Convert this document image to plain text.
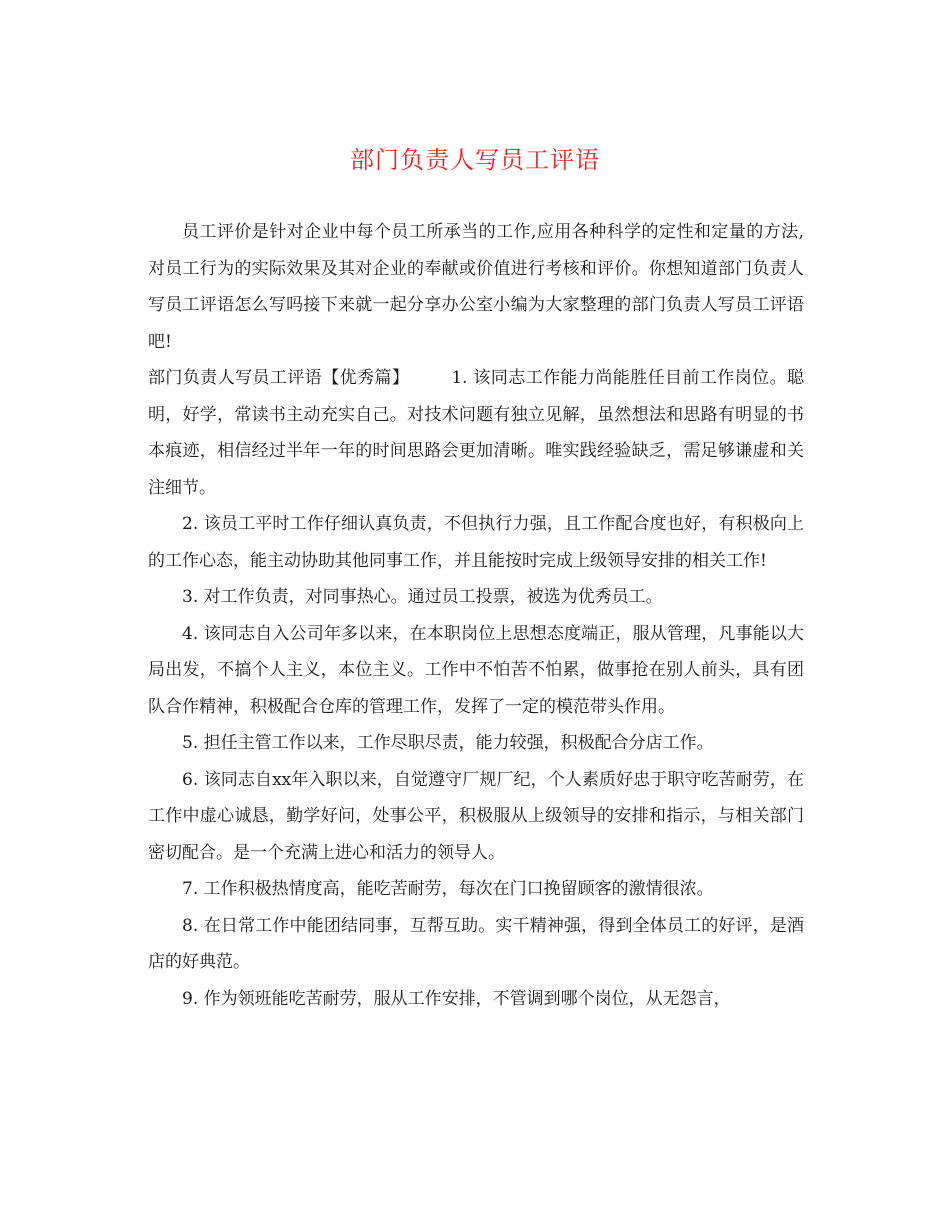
部门负责人写员工评语

员工评价是针对企业中每个员工所承当的工作,应用各种科学的定性和定量的方法,对员工行为的实际效果及其对企业的奉献或价值进行考核和评价。你想知道部门负责人写员工评语怎么写吗接下来就一起分享办公室小编为大家整理的部门负责人写员工评语吧!

部门负责人写员工评语【优秀篇】 1. 该同志工作能力尚能胜任目前工作岗位。聪明，好学，常读书主动充实自己。对技术问题有独立见解，虽然想法和思路有明显的书本痕迹，相信经过半年一年的时间思路会更加清晰。唯实践经验缺乏，需足够谦虚和关注细节。

2. 该员工平时工作仔细认真负责，不但执行力强，且工作配合度也好，有积极向上的工作心态，能主动协助其他同事工作，并且能按时完成上级领导安排的相关工作!

3. 对工作负责，对同事热心。通过员工投票，被选为优秀员工。

4. 该同志自入公司年多以来，在本职岗位上思想态度端正，服从管理，凡事能以大局出发，不搞个人主义，本位主义。工作中不怕苦不怕累，做事抢在别人前头，具有团队合作精神，积极配合仓库的管理工作，发挥了一定的模范带头作用。

5. 担任主管工作以来，工作尽职尽责，能力较强，积极配合分店工作。

6. 该同志自xx年入职以来，自觉遵守厂规厂纪，个人素质好忠于职守吃苦耐劳，在工作中虚心诚恳，勤学好问，处事公平，积极服从上级领导的安排和指示，与相关部门密切配合。是一个充满上进心和活力的领导人。

7. 工作积极热情度高，能吃苦耐劳，每次在门口挽留顾客的激情很浓。

8. 在日常工作中能团结同事，互帮互助。实干精神强，得到全体员工的好评，是酒店的好典范。

9. 作为领班能吃苦耐劳，服从工作安排，不管调到哪个岗位，从无怨言，
